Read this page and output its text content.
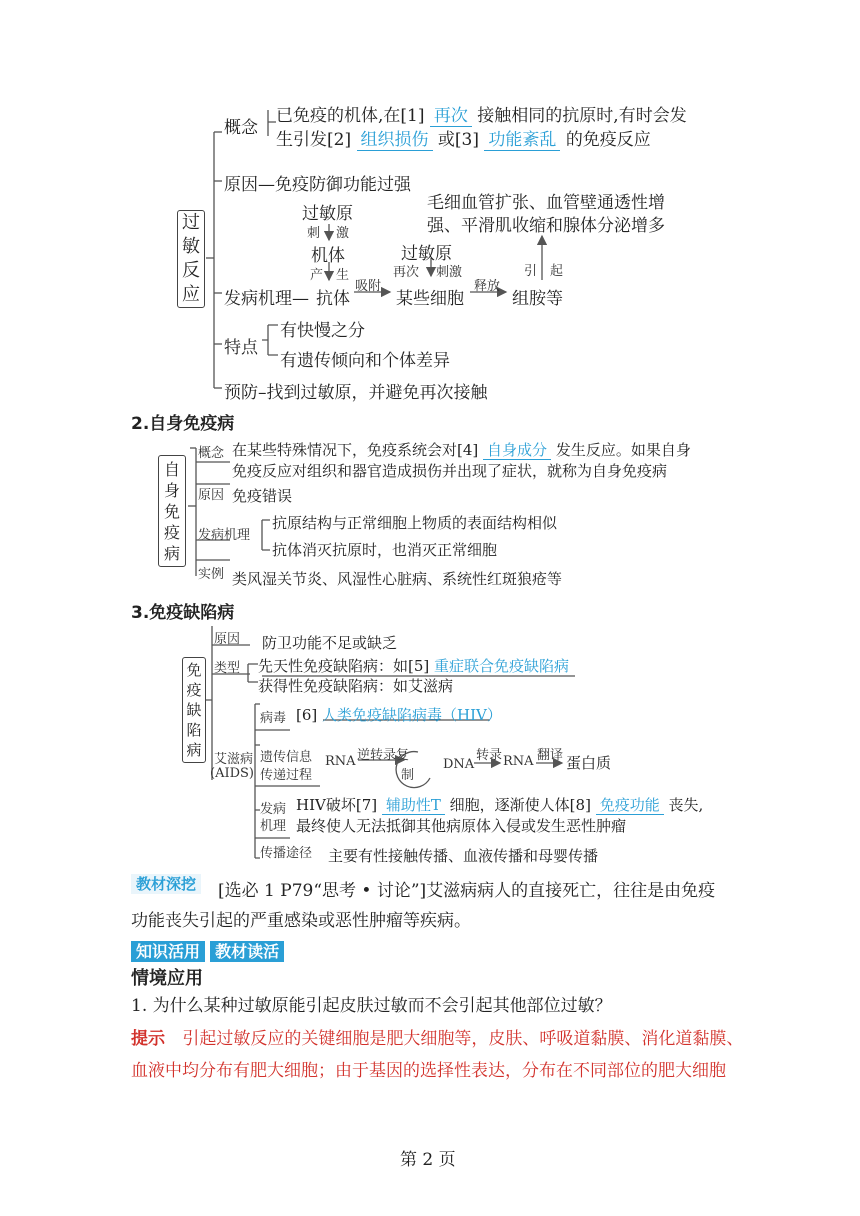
过
敏
反
应
概念
已免疫的机体,在[1] 再次 接触相同的抗原时,有时会发
生引发[2] 组织损伤 或[3] 功能紊乱 的免疫反应
原因—免疫防御功能过强
毛细血管扩张、血管壁通透性增
强、平滑肌收缩和腺体分泌增多
过敏原
刺 激
机体
产 生
过敏原
再次 刺激
吸附	释放
引 起
发病机理— 抗体	某些细胞	组胺等
特点
有快慢之分
有遗传倾向和个体差异
预防–找到过敏原，并避免再次接触
2.自身免疫病
自
身
免
疫
病
概念 在某些特殊情况下，免疫系统会对[4] 自身成分 发生反应。如果自身
免疫反应对组织和器官造成损伤并出现了症状，就称为自身免疫病
原因 免疫错误
发病机理
抗原结构与正常细胞上物质的表面结构相似
抗体消灭抗原时，也消灭正常细胞
实例 类风湿关节炎、风湿性心脏病、系统性红斑狼疮等
3.免疫缺陷病
免
疫
缺
陷
病
原因 防卫功能不足或缺乏
类型 先天性免疫缺陷病：如[5] 重症联合免疫缺陷病
获得性免疫缺陷病：如艾滋病
艾滋病
(AIDS)
病毒 [6] 人类免疫缺陷病毒（HIV）
遗传信息
传递过程
RNA 逆转录复
制
DNA
转录 RNA 翻译 蛋白质
发病
机理
HIV破坏[7] 辅助性T 细胞，逐渐使人体[8] 免疫功能 丧失,
最终使人无法抵御其他病原体入侵或发生恶性肿瘤
传播途径 主要有性接触传播、血液传播和母婴传播
教材深挖 [选必 1 P79“思考 • 讨论”]艾滋病病人的直接死亡，往往是由免疫
功能丧失引起的严重感染或恶性肿瘤等疾病。
知识活用 教材读活
情境应用
1. 为什么某种过敏原能引起皮肤过敏而不会引起其他部位过敏？
提示 引起过敏反应的关键细胞是肥大细胞等，皮肤、呼吸道黏膜、消化道黏膜、
血液中均分布有肥大细胞；由于基因的选择性表达，分布在不同部位的肥大细胞
第 2 页
